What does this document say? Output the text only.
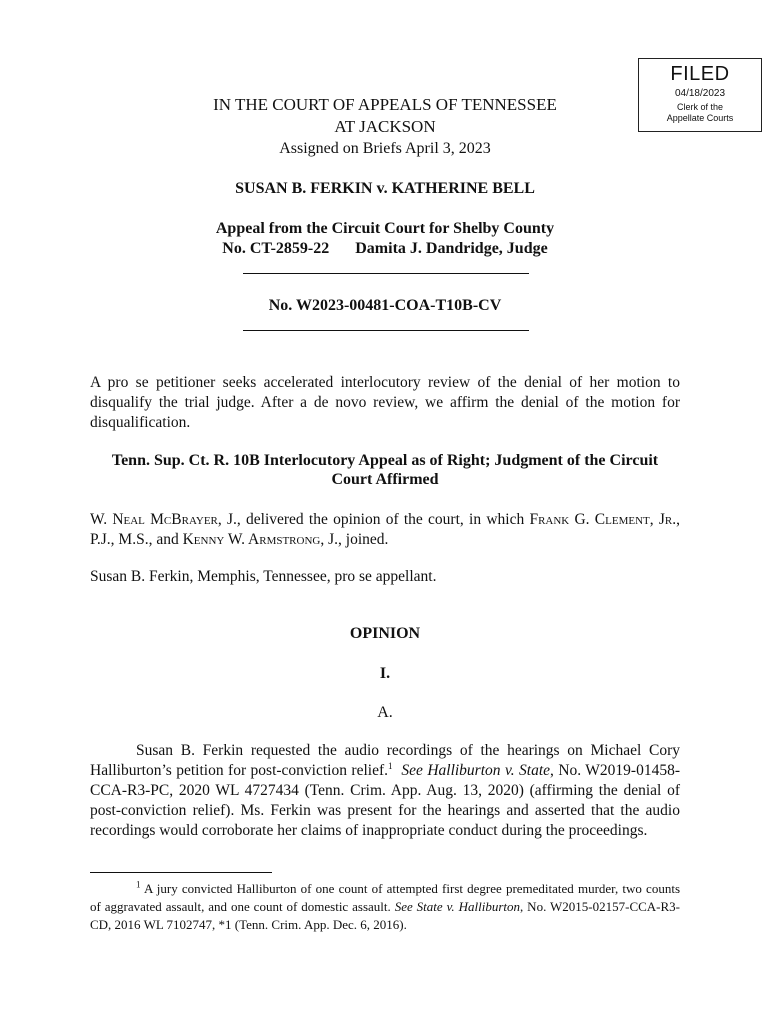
FILED
04/18/2023
Clerk of the
Appellate Courts
IN THE COURT OF APPEALS OF TENNESSEE
AT JACKSON
Assigned on Briefs April 3, 2023
SUSAN B. FERKIN v. KATHERINE BELL
Appeal from the Circuit Court for Shelby County
No. CT-2859-22 Damita J. Dandridge, Judge
No. W2023-00481-COA-T10B-CV
A pro se petitioner seeks accelerated interlocutory review of the denial of her motion to disqualify the trial judge. After a de novo review, we affirm the denial of the motion for disqualification.
Tenn. Sup. Ct. R. 10B Interlocutory Appeal as of Right; Judgment of the Circuit
Court Affirmed
W. Neal McBrayer, J., delivered the opinion of the court, in which Frank G. Clement, Jr., P.J., M.S., and Kenny W. Armstrong, J., joined.
Susan B. Ferkin, Memphis, Tennessee, pro se appellant.
OPINION
I.
A.
Susan B. Ferkin requested the audio recordings of the hearings on Michael Cory Halliburton’s petition for post-conviction relief.$^1$ See Halliburton v. State, No. W2019-01458-CCA-R3-PC, 2020 WL 4727434 (Tenn. Crim. App. Aug. 13, 2020) (affirming the denial of post-conviction relief). Ms. Ferkin was present for the hearings and asserted that the audio recordings would corroborate her claims of inappropriate conduct during the proceedings.
$^1$ A jury convicted Halliburton of one count of attempted first degree premeditated murder, two counts of aggravated assault, and one count of domestic assault. See State v. Halliburton, No. W2015-02157-CCA-R3-CD, 2016 WL 7102747, *1 (Tenn. Crim. App. Dec. 6, 2016).
